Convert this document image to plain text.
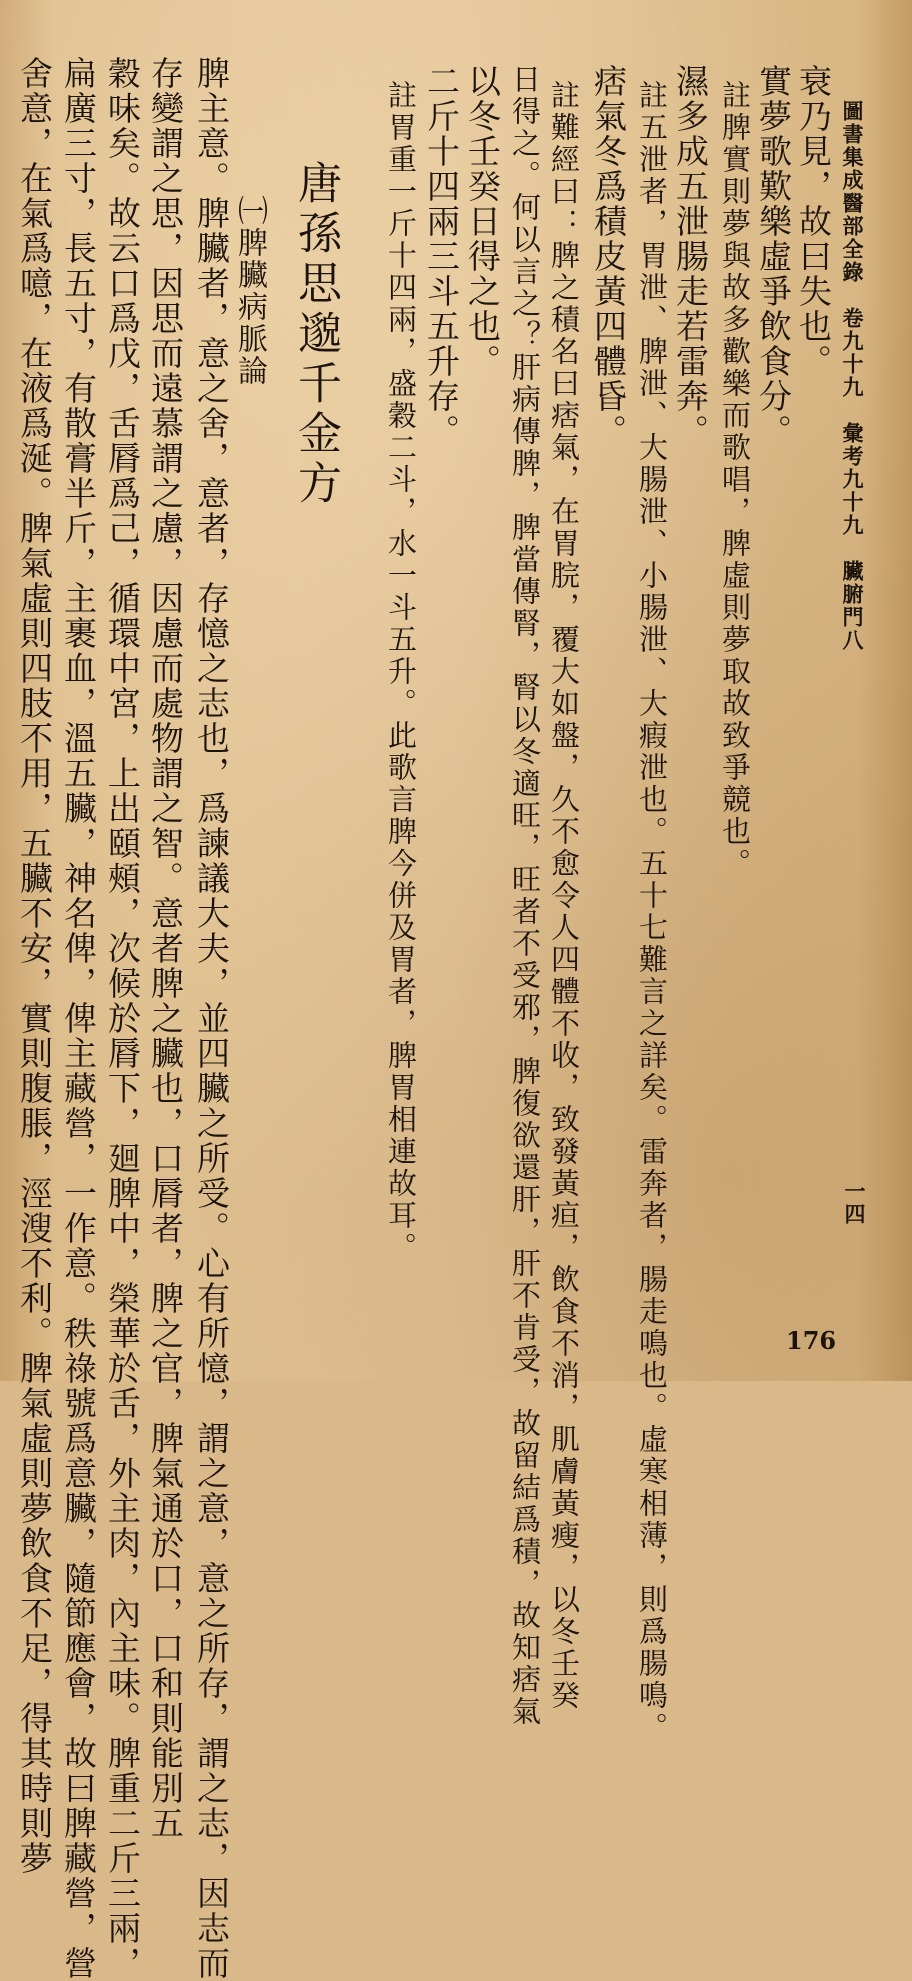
圖書集成醫部全錄　卷九十九　彙考九十九　臟腑門八
一四
衰乃見，故曰失也。
實夢歌歎樂虛爭飲食分。
註脾實則夢與故多歡樂而歌唱，脾虛則夢取故致爭競也。
濕多成五泄腸走若雷奔。
註五泄者，胃泄、脾泄、大腸泄、小腸泄、大瘕泄也。五十七難言之詳矣。雷奔者，腸走鳴也。虛寒相薄，則爲腸鳴。
痞氣冬爲積皮黃四體昏。
註難經曰：脾之積名曰痞氣，在胃脘，覆大如盤，久不愈令人四體不收，致發黃疸，飲食不消，肌膚黃瘦，以冬壬癸
日得之。何以言之？肝病傳脾，脾當傳腎，腎以冬適旺，旺者不受邪，脾復欲還肝，肝不肯受，故留結爲積，故知痞氣
以冬壬癸日得之也。
二斤十四兩三斗五升存。
註胃重一斤十四兩，盛穀二斗，水一斗五升。此歌言脾今併及胃者，脾胃相連故耳。
唐孫思邈千金方
㈠脾臟病脈論
脾主意。脾臟者，意之舍，意者，存憶之志也，爲諫議大夫，並四臟之所受。心有所憶，謂之意，意之所存，謂之志，因志而
存變謂之思，因思而遠慕謂之慮，因慮而處物謂之智。意者脾之臟也，口脣者，脾之官，脾氣通於口，口和則能別五
穀味矣。故云口爲戊，舌脣爲己，循環中宮，上出頤頰，次候於脣下，廻脾中，榮華於舌，外主肉，內主味。脾重二斤三兩，
扁廣三寸，長五寸，有散膏半斤，主裹血，溫五臟，神名俾，俾主藏營，一作意。秩祿號爲意臟，隨節應會，故曰脾藏營，營
舍意，在氣爲噫，在液爲涎。脾氣虛則四肢不用，五臟不安，實則腹脹，涇溲不利。脾氣虛則夢飲食不足，得其時則夢	176
